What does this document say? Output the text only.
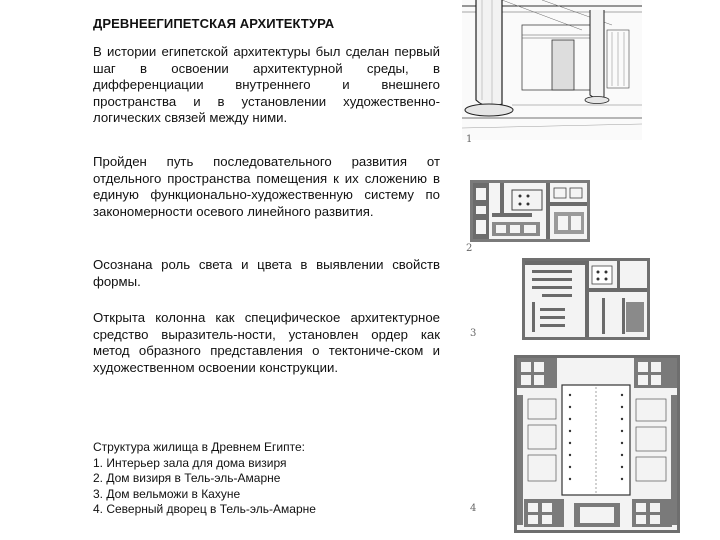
ДРЕВНЕЕГИПЕТСКАЯ АРХИТЕКТУРА

В истории египетской архитектуры был сделан первый шаг в освоении архитектурной среды, в дифференциации внутреннего и внешнего пространства и в установлении художественно-логических связей между ними.

Пройден путь последовательного развития от отдельного пространства помещения к их сложению в единую функционально-художественную систему по закономерности осевого линейного развития.

Осознана роль света и цвета в выявлении свойств формы.

Открыта колонна как специфическое архитектурное средство выразитель-ности, установлен ордер как метод образного представления о тектониче-ском и художественном освоении конструкции.

Структура жилища в Древнем Египте:
1. Интерьер зала для дома визиря
2. Дом визиря в Тель-эль-Амарне
3. Дом вельможи в Кахуне
4. Северный дворец в Тель-эль-Амарне
1
2
3
4
